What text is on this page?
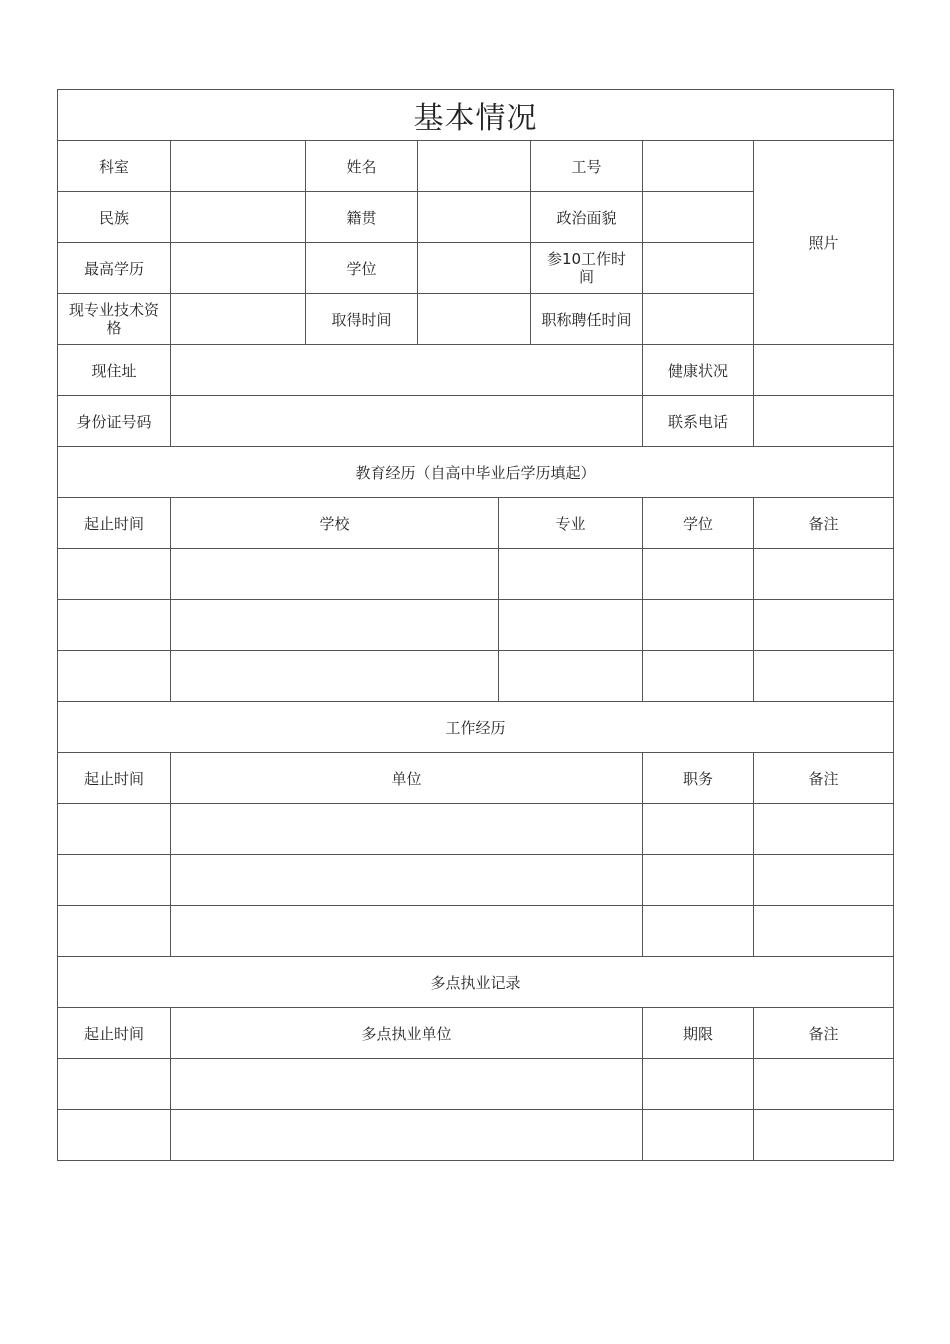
基本情况							
科室		姓名			工号		照片
民族		籍贯			政治面貌		
最高学历		学位			参10工作时间		
现专业技术资格		取得时间			职称聘任时间		
现住址						健康状况	
身份证号码						联系电话	
教育经历（自高中毕业后学历填起）							
起止时间	学校			专业		学位	备注

工作经历							
起止时间	单位					职务	备注

多点执业记录							
起止时间	多点执业单位					期限	备注
